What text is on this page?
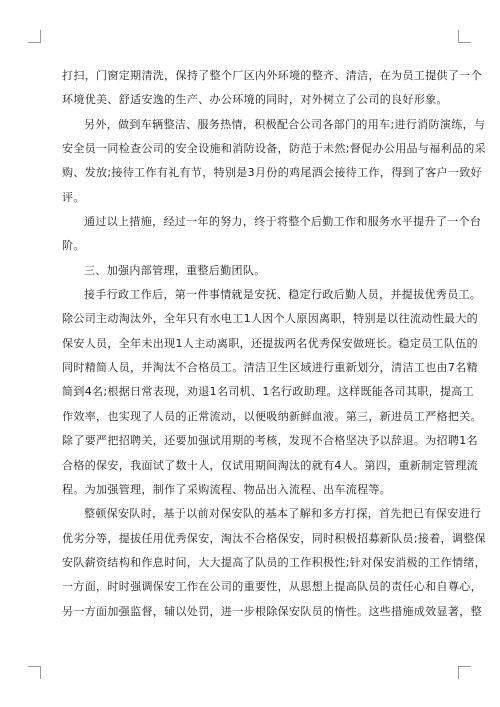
打扫，门窗定期清洗，保持了整个厂区内外环境的整齐、清洁，在为员工提供了一个

环境优美、舒适安逸的生产、办公环境的同时，对外树立了公司的良好形象。

另外，做到车辆整洁、服务热情，积极配合公司各部门的用车;进行消防演练，与

安全员一同检查公司的安全设施和消防设备，防范于未然;督促办公用品与福利品的采

购、发放;接待工作有礼有节，特别是3月份的鸡尾酒会接待工作，得到了客户一致好

评。

通过以上措施，经过一年的努力，终于将整个后勤工作和服务水平提升了一个台

阶。

三、加强内部管理，重整后勤团队。

接手行政工作后，第一件事情就是安抚、稳定行政后勤人员，并提拔优秀员工。

除公司主动淘汰外，全年只有水电工1人因个人原因离职，特别是以往流动性最大的

保安人员，全年未出现1人主动离职，还提拔两名优秀保安做班长。稳定员工队伍的

同时精简人员，并淘汰不合格员工。清洁卫生区域进行重新划分，清洁工也由7名精

简到4名;根据日常表现，劝退1名司机、1名行政助理。这样既能各司其职，提高工

作效率，也实现了人员的正常流动，以便吸纳新鲜血液。第三，新进员工严格把关。

除了要严把招聘关，还要加强试用期的考核，发现不合格坚决予以辞退。为招聘1名

合格的保安，我面试了数十人，仅试用期间淘汰的就有4人。第四，重新制定管理流

程。为加强管理，制作了采购流程、物品出入流程、出车流程等。

整顿保安队时，基于以前对保安队的基本了解和多方打探，首先把已有保安进行

优劣分等，提拔任用优秀保安，淘汰不合格保安，同时积极招募新队员;接着，调整保

安队薪资结构和作息时间，大大提高了队员的工作积极性;针对保安消极的工作情绪，

一方面，时时强调保安工作在公司的重要性，从思想上提高队员的责任心和自尊心，

另一方面加强监督，辅以处罚，进一步根除保安队员的惰性。这些措施成效显著，整
